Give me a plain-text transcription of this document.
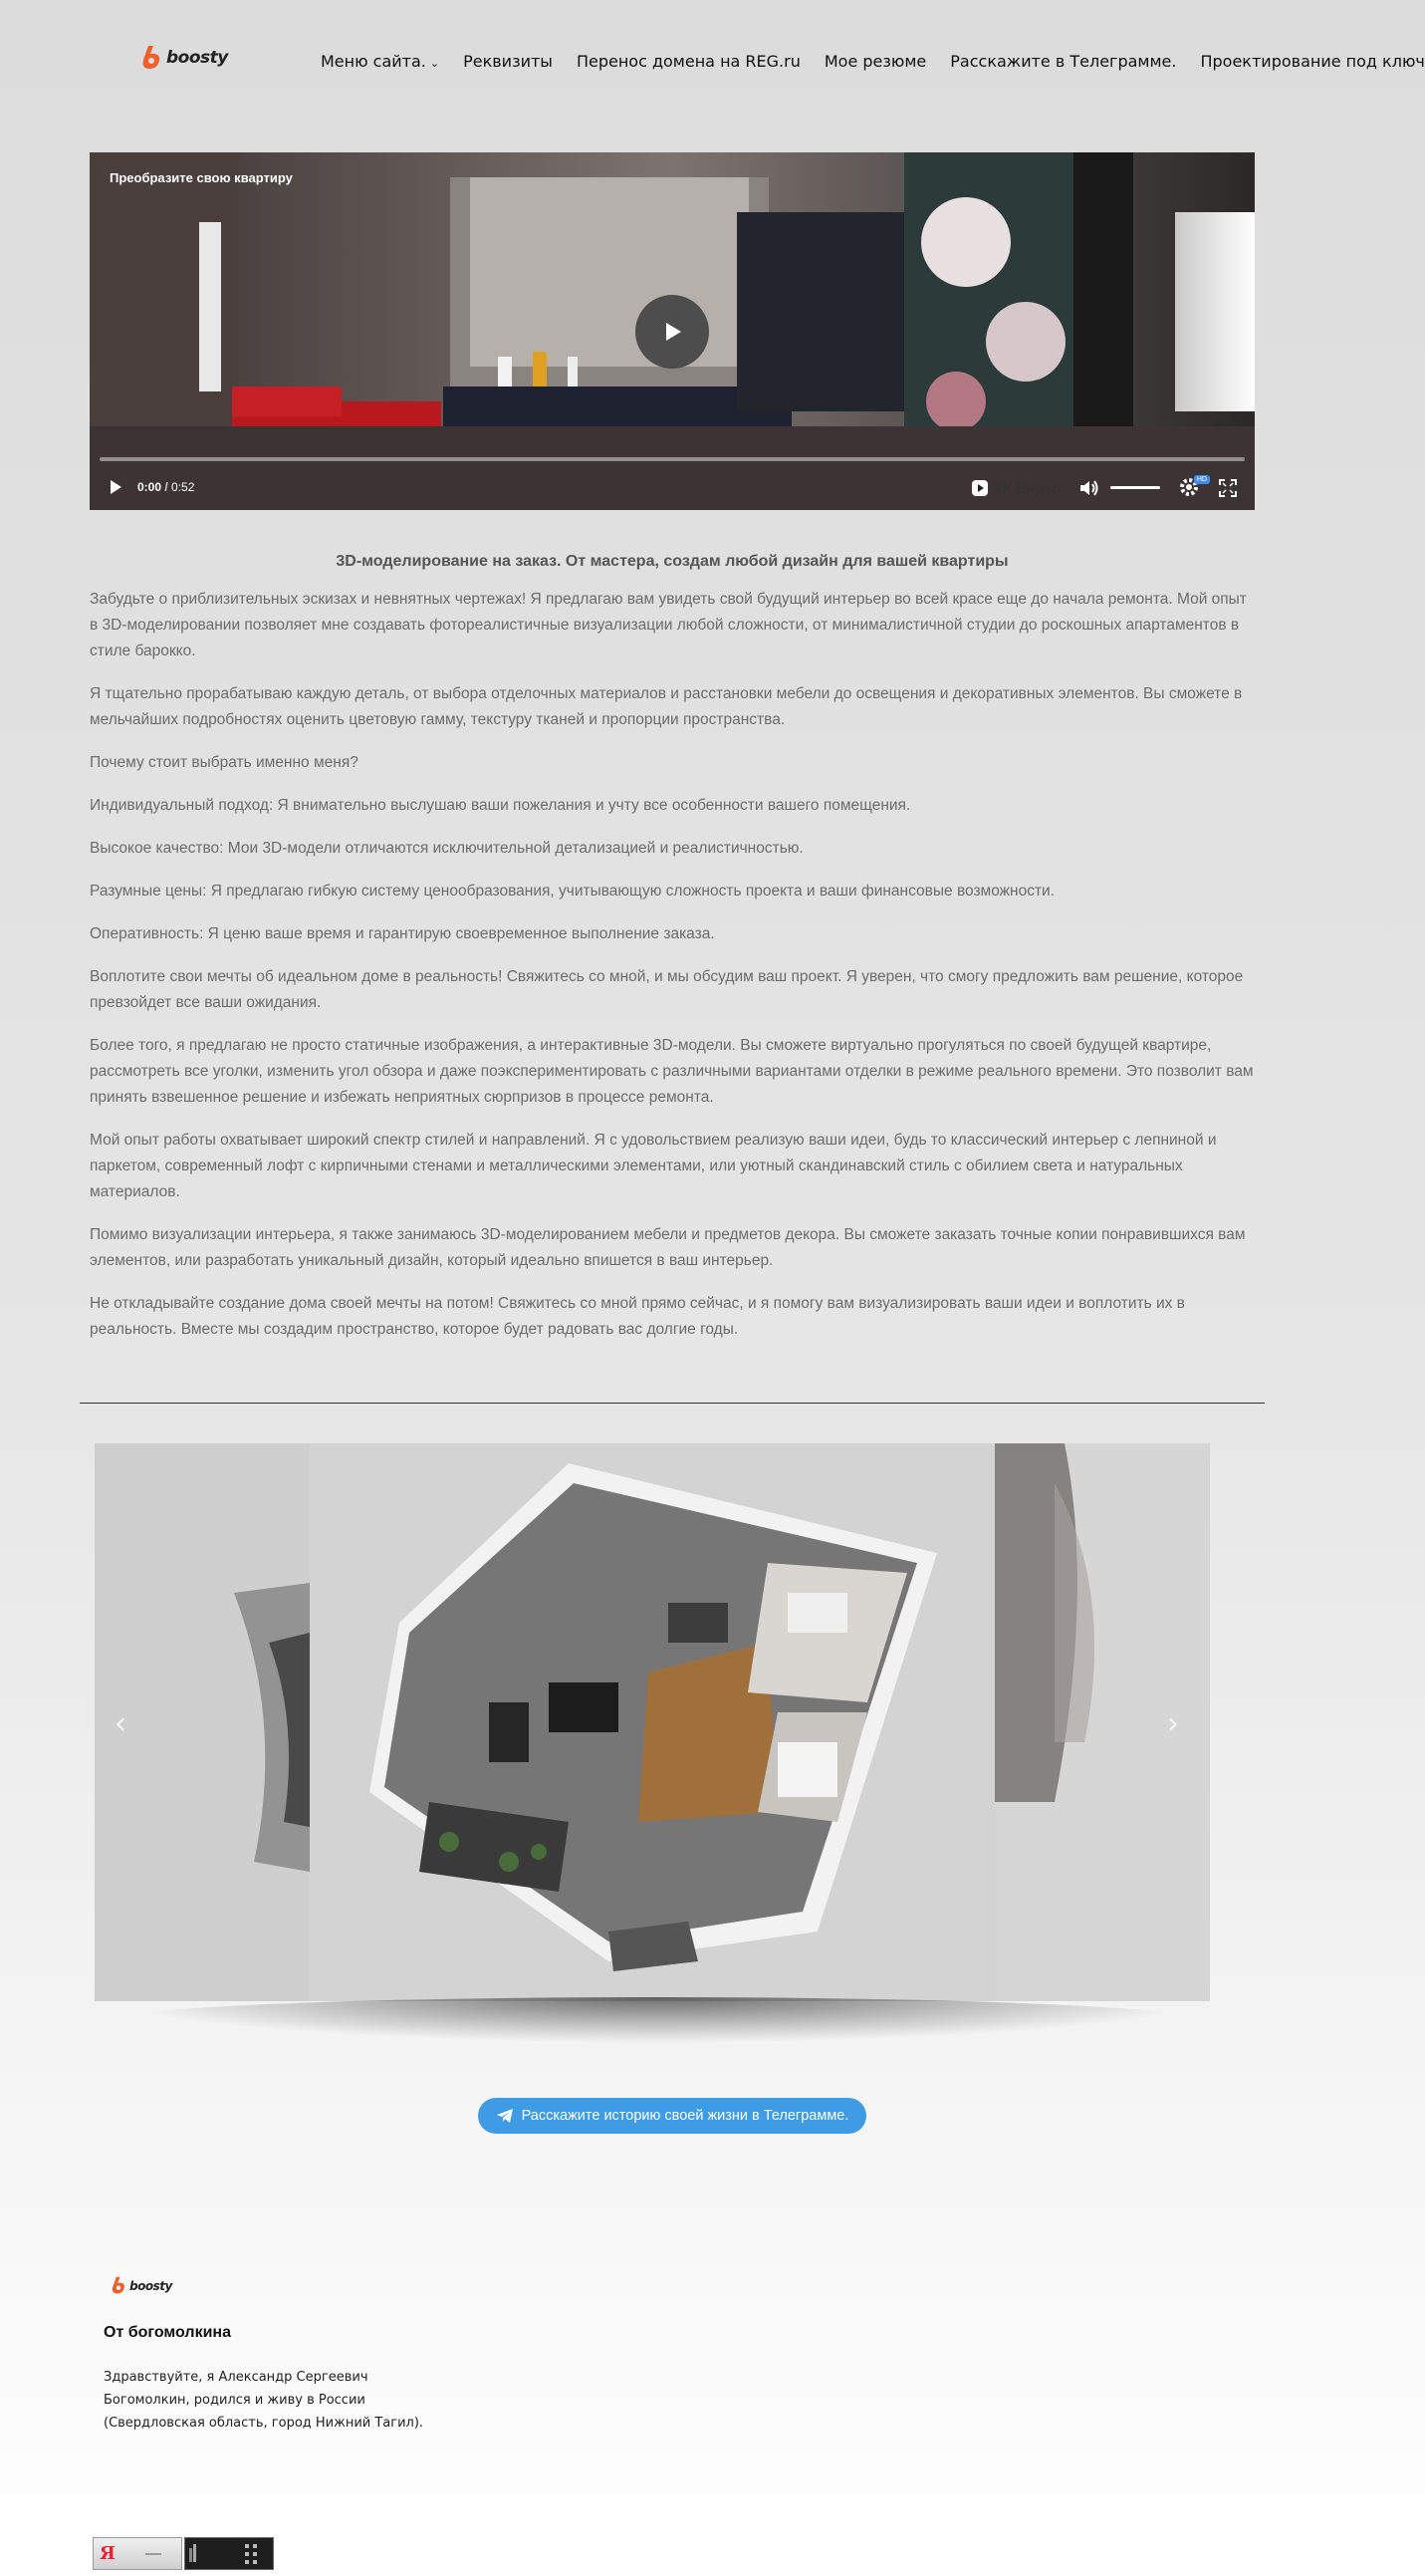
boosty	Меню сайта. ⌄ Реквизиты Перенос домена на REG.ru Мое резюме Расскажите в Телеграмме. Проектирование под ключ
Преобразите свою квартиру
0:00 / 0:52	VK Видео
HD
3D-моделирование на заказ. От мастера, создам любой дизайн для вашей квартиры

Забудьте о приблизительных эскизах и невнятных чертежах! Я предлагаю вам увидеть свой будущий интерьер во всей красе еще до начала ремонта. Мой опыт в 3D-моделировании позволяет мне создавать фотореалистичные визуализации любой сложности, от минималистичной студии до роскошных апартаментов в стиле барокко.

Я тщательно прорабатываю каждую деталь, от выбора отделочных материалов и расстановки мебели до освещения и декоративных элементов. Вы сможете в мельчайших подробностях оценить цветовую гамму, текстуру тканей и пропорции пространства.

Почему стоит выбрать именно меня?

Индивидуальный подход: Я внимательно выслушаю ваши пожелания и учту все особенности вашего помещения.

Высокое качество: Мои 3D-модели отличаются исключительной детализацией и реалистичностью.

Разумные цены: Я предлагаю гибкую систему ценообразования, учитывающую сложность проекта и ваши финансовые возможности.

Оперативность: Я ценю ваше время и гарантирую своевременное выполнение заказа.

Воплотите свои мечты об идеальном доме в реальность! Свяжитесь со мной, и мы обсудим ваш проект. Я уверен, что смогу предложить вам решение, которое превзойдет все ваши ожидания.

Более того, я предлагаю не просто статичные изображения, а интерактивные 3D-модели. Вы сможете виртуально прогуляться по своей будущей квартире, рассмотреть все уголки, изменить угол обзора и даже поэкспериментировать с различными вариантами отделки в режиме реального времени. Это позволит вам принять взвешенное решение и избежать неприятных сюрпризов в процессе ремонта.

Мой опыт работы охватывает широкий спектр стилей и направлений. Я с удовольствием реализую ваши идеи, будь то классический интерьер с лепниной и паркетом, современный лофт с кирпичными стенами и металлическими элементами, или уютный скандинавский стиль с обилием света и натуральных материалов.

Помимо визуализации интерьера, я также занимаюсь 3D-моделированием мебели и предметов декора. Вы сможете заказать точные копии понравившихся вам элементов, или разработать уникальный дизайн, который идеально впишется в ваш интерьер.

Не откладывайте создание дома своей мечты на потом! Свяжитесь со мной прямо сейчас, и я помогу вам визуализировать ваши идеи и воплотить их в реальность. Вместе мы создадим пространство, которое будет радовать вас долгие годы.

‹	›
Расскажите историю своей жизни в Телеграмме.
boosty
От богомолкина
Здравствуйте, я Александр Сергеевич Богомолкин, родился и живу в России (Свердловская область, город Нижний Тагил).
Я —
